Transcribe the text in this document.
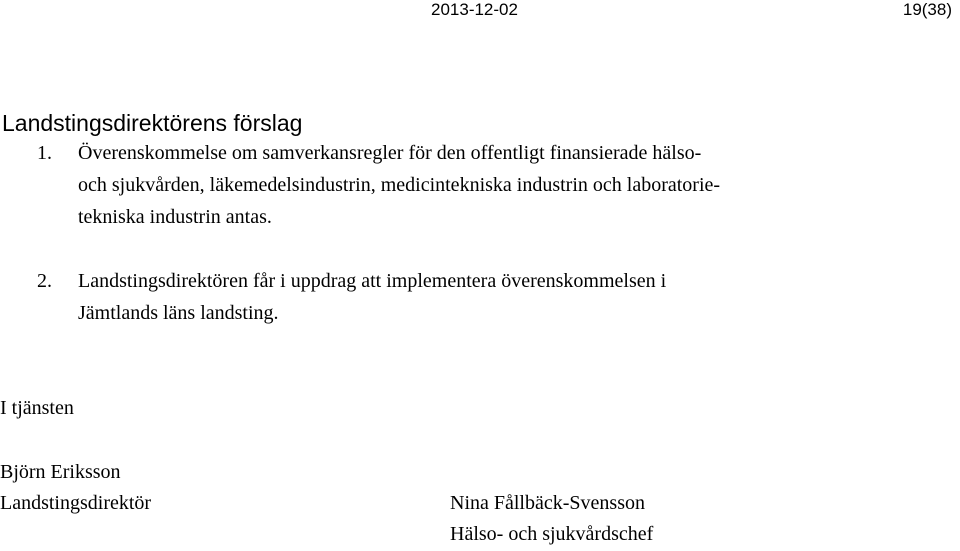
2013-12-02	19(38)
Landstingsdirektörens förslag
1. Överenskommelse om samverkansregler för den offentligt finansierade hälso-
och sjukvården, läkemedelsindustrin, medicintekniska industrin och laboratorie-
tekniska industrin antas.
2. Landstingsdirektören får i uppdrag att implementera överenskommelsen i
Jämtlands läns landsting.
I tjänsten
Björn Eriksson
Landstingsdirektör	Nina Fållbäck-Svensson
Hälso- och sjukvårdschef
